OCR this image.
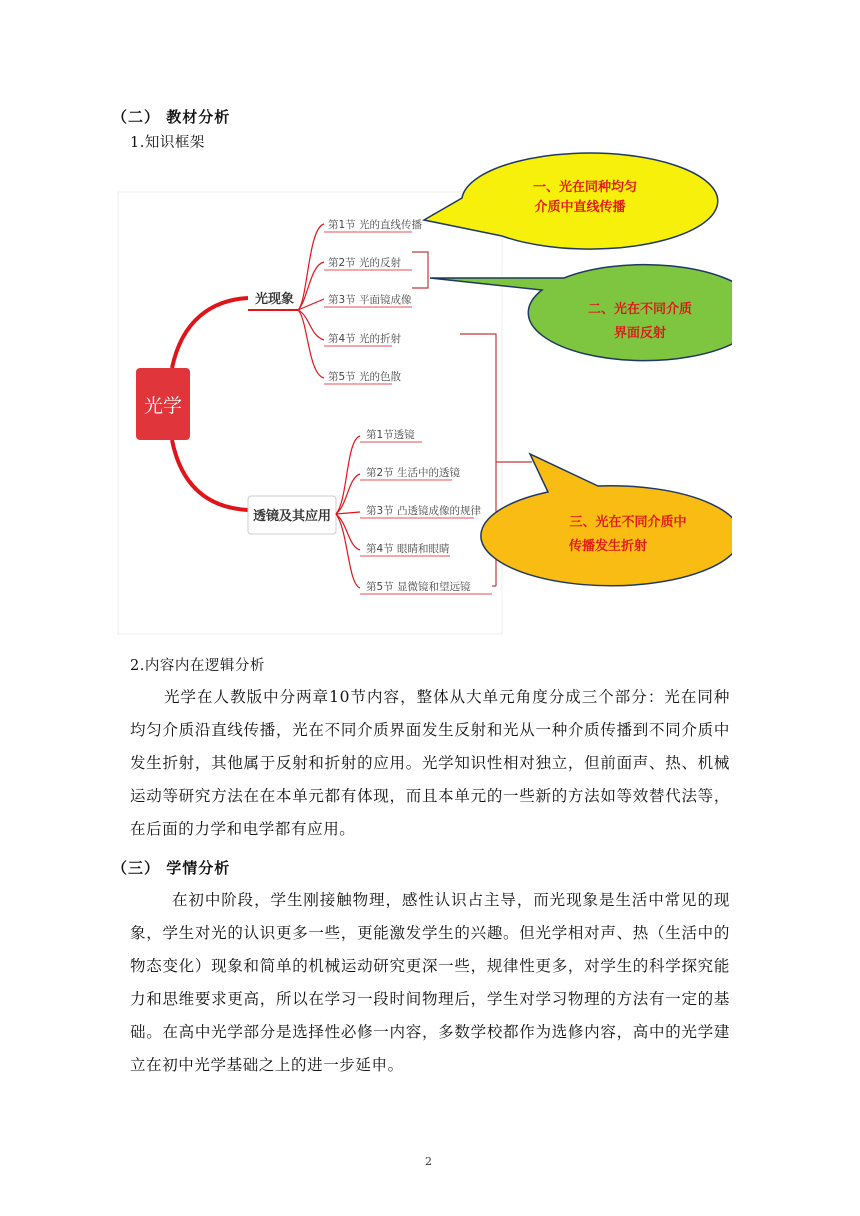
（二） 教材分析
1.知识框架
光学
光现象
第1节 光的直线传播
第2节 光的反射
第3节 平面镜成像
第4节 光的折射
第5节 光的色散
透镜及其应用
第1节透镜
第2节 生活中的透镜
第3节 凸透镜成像的规律
第4节 眼睛和眼睛
第5节 显微镜和望远镜
一、光在同种均匀
介质中直线传播
二、光在不同介质
界面反射
三、光在不同介质中
传播发生折射
2.内容内在逻辑分析
光学在人教版中分两章10节内容，整体从大单元角度分成三个部分：光在同种均匀介质沿直线传播，光在不同介质界面发生反射和光从一种介质传播到不同介质中发生折射，其他属于反射和折射的应用。光学知识性相对独立，但前面声、热、机械运动等研究方法在在本单元都有体现，而且本单元的一些新的方法如等效替代法等，在后面的力学和电学都有应用。
（三） 学情分析
在初中阶段，学生刚接触物理，感性认识占主导，而光现象是生活中常见的现象，学生对光的认识更多一些，更能激发学生的兴趣。但光学相对声、热（生活中的物态变化）现象和简单的机械运动研究更深一些，规律性更多，对学生的科学探究能力和思维要求更高，所以在学习一段时间物理后，学生对学习物理的方法有一定的基础。在高中光学部分是选择性必修一内容，多数学校都作为选修内容，高中的光学建立在初中光学基础之上的进一步延申。
2
